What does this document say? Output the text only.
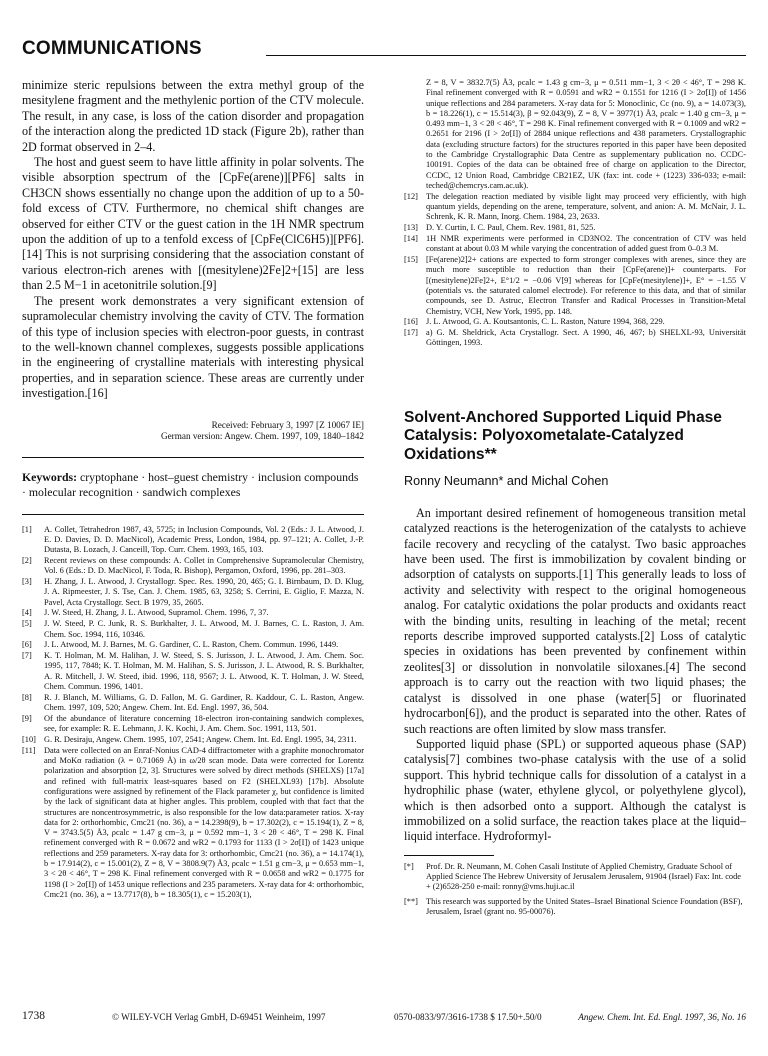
COMMUNICATIONS

minimize steric repulsions between the extra methyl group of the mesitylene fragment and the methylenic portion of the CTV molecule. The result, in any case, is loss of the cation disorder and propagation of the interaction along the predicted 1D stack (Figure 2b), rather than 2D format observed in 2–4.

The host and guest seem to have little affinity in polar solvents. The visible absorption spectrum of the [CpFe(arene)][PF6] salts in CH3CN shows essentially no change upon the addition of up to a 50-fold excess of CTV. Furthermore, no chemical shift changes are observed for either CTV or the guest cation in the 1H NMR spectrum upon the addition of up to a tenfold excess of [CpFe(ClC6H5)][PF6].[14] This is not surprising considering that the association constant of various electron-rich arenes with [(mesitylene)2Fe]2+[15] are less than 2.5 M−1 in acetonitrile solution.[9]

The present work demonstrates a very significant extension of supramolecular chemistry involving the cavity of CTV. The formation of this type of inclusion species with electron-poor guests, in contrast to the well-known channel complexes, suggests possible applications in the engineering of crystalline materials with interesting physical properties, and in separation science. These areas are currently under investigation.[16]

Received: February 3, 1997 [Z 10067 IE]
German version: Angew. Chem. 1997, 109, 1840–1842
Keywords: cryptophane · host–guest chemistry · inclusion compounds · molecular recognition · sandwich complexes
[1] A. Collet, Tetrahedron 1987, 43, 5725; in Inclusion Compounds, Vol. 2 (Eds.: J. L. Atwood, J. E. D. Davies, D. D. MacNicol), Academic Press, London, 1984, pp. 97–121; A. Collet, J.-P. Dutasta, B. Lozach, J. Canceill, Top. Curr. Chem. 1993, 165, 103.
[2] Recent reviews on these compounds: A. Collet in Comprehensive Supramolecular Chemistry, Vol. 6 (Eds.: D. D. MacNicol, F. Toda, R. Bishop), Pergamon, Oxford, 1996, pp. 281–303.
[3] H. Zhang, J. L. Atwood, J. Crystallogr. Spec. Res. 1990, 20, 465; G. I. Birnbaum, D. D. Klug, J. A. Ripmeester, J. S. Tse, Can. J. Chem. 1985, 63, 3258; S. Cerrini, E. Giglio, F. Mazza, N. Pavel, Acta Crystallogr. Sect. B 1979, 35, 2605.
[4] J. W. Steed, H. Zhang, J. L. Atwood, Supramol. Chem. 1996, 7, 37.
[5] J. W. Steed, P. C. Junk, R. S. Burkhalter, J. L. Atwood, M. J. Barnes, C. L. Raston, J. Am. Chem. Soc. 1994, 116, 10346.
[6] J. L. Atwood, M. J. Barnes, M. G. Gardiner, C. L. Raston, Chem. Commun. 1996, 1449.
[7] K. T. Holman, M. M. Halihan, J. W. Steed, S. S. Jurisson, J. L. Atwood, J. Am. Chem. Soc. 1995, 117, 7848; K. T. Holman, M. M. Halihan, S. S. Jurisson, J. L. Atwood, R. S. Burkhalter, A. R. Mitchell, J. W. Steed, ibid. 1996, 118, 9567; J. L. Atwood, K. T. Holman, J. W. Steed, Chem. Commun. 1996, 1401.
[8] R. J. Blanch, M. Williams, G. D. Fallon, M. G. Gardiner, R. Kaddour, C. L. Raston, Angew. Chem. 1997, 109, 520; Angew. Chem. Int. Ed. Engl. 1997, 36, 504.
[9] Of the abundance of literature concerning 18-electron iron-containing sandwich complexes, see, for example: R. E. Lehmann, J. K. Kochi, J. Am. Chem. Soc. 1991, 113, 501.
[10] G. R. Desiraju, Angew. Chem. 1995, 107, 2541; Angew. Chem. Int. Ed. Engl. 1995, 34, 2311.
[11] Data were collected on an Enraf-Nonius CAD-4 diffractometer with a graphite monochromator and MoKα radiation (λ = 0.71069 Å) in ω/2θ scan mode. Data were corrected for Lorentz polarization and absorption [2, 3]. Structures were solved by direct methods (SHELXS) [17a] and refined with full-matrix least-squares based on F2 (SHELXL93) [17b]. Absolute configurations were assigned by refinement of the Flack parameter χ, but confidence is limited by the lack of significant data at higher angles. This problem, coupled with that fact that the structures are noncentrosymmetric, is also responsible for the low data:parameter ratios. X-ray data for 2: orthorhombic, Cmc21 (no. 36), a = 14.2398(9), b = 17.302(2), c = 15.194(1), Z = 8, V = 3743.5(5) Å3, ρcalc = 1.47 g cm−3, μ = 0.592 mm−1, 3 < 2θ < 46°, T = 298 K. Final refinement converged with R = 0.0672 and wR2 = 0.1793 for 1133 (I > 2σ[I]) of 1423 unique reflections and 259 parameters. X-ray data for 3: orthorhombic, Cmc21 (no. 36), a = 14.174(1), b = 17.914(2), c = 15.001(2), Z = 8, V = 3808.9(7) Å3, ρcalc = 1.51 g cm−3, μ = 0.653 mm−1, 3 < 2θ < 46°, T = 298 K. Final refinement converged with R = 0.0658 and wR2 = 0.1775 for 1198 (I > 2σ[I]) of 1453 unique reflections and 235 parameters. X-ray data for 4: orthorhombic, Cmc21 (no. 36), a = 13.7717(8), b = 18.305(1), c = 15.203(1),
Z = 8, V = 3832.7(5) Å3, ρcalc = 1.43 g cm−3, μ = 0.511 mm−1, 3 < 2θ < 46°, T = 298 K. Final refinement converged with R = 0.0591 and wR2 = 0.1551 for 1216 (I > 2σ[I]) of 1456 unique reflections and 284 parameters. X-ray data for 5: Monoclinic, Cc (no. 9), a = 14.073(3), b = 18.226(1), c = 15.514(3), β = 92.043(9), Z = 8, V = 3977(1) Å3, ρcalc = 1.40 g cm−3, μ = 0.493 mm−1, 3 < 2θ < 46°, T = 298 K. Final refinement converged with R = 0.1009 and wR2 = 0.2651 for 2196 (I > 2σ[I]) of 2884 unique reflections and 438 parameters. Crystallographic data (excluding structure factors) for the structures reported in this paper have been deposited to the Cambridge Crystallographic Data Centre as supplementary publication no. CCDC-100191. Copies of the data can be obtained free of charge on application to the Director, CCDC, 12 Union Road, Cambridge CB21EZ, UK (fax: int. code + (1223) 336-033; e-mail: teched@chemcrys.cam.ac.uk).
[12] The delegation reaction mediated by visible light may proceed very efficiently, with high quantum yields, depending on the arene, temperature, solvent, and anion: A. M. McNair, J. L. Schrenk, K. R. Mann, Inorg. Chem. 1984, 23, 2633.
[13] D. Y. Curtin, I. C. Paul, Chem. Rev. 1981, 81, 525.
[14] 1H NMR experiments were performed in CD3NO2. The concentration of CTV was held constant at about 0.03 M while varying the concentration of added guest from 0–0.3 M.
[15] [Fe(arene)2]2+ cations are expected to form stronger complexes with arenes, since they are much more susceptible to reduction than their [CpFe(arene)]+ counterparts. For [(mesitylene)2Fe]2+, E°1/2 = −0.06 V[9] whereas for [CpFe(mesitylene)]+, E° = −1.55 V (potentials vs. the saturated calomel electrode). For reference to this data, and that of similar compounds, see D. Astruc, Electron Transfer and Radical Processes in Transition-Metal Chemistry, VCH, New York, 1995, pp. 148.
[16] J. L. Atwood, G. A. Koutsantonis, C. L. Raston, Nature 1994, 368, 229.
[17] a) G. M. Sheldrick, Acta Crystallogr. Sect. A 1990, 46, 467; b) SHELXL-93, Universität Göttingen, 1993.
Solvent-Anchored Supported Liquid Phase Catalysis: Polyoxometalate-Catalyzed Oxidations**
Ronny Neumann* and Michal Cohen

An important desired refinement of homogeneous transition metal catalyzed reactions is the heterogenization of the catalysts to achieve facile recovery and recycling of the catalyst. Two basic approaches have been used. The first is immobilization by covalent binding or adsorption of catalysts on supports.[1] This generally leads to loss of activity and selectivity with respect to the original homogeneous analog. For catalytic oxidations the polar products and oxidants react with the binding units, resulting in leaching of the metal; recent reports describe improved supported catalysts.[2] Loss of catalytic species in oxidations has been prevented by confinement within zeolites[3] or dissolution in nonvolatile siloxanes.[4] The second approach is to carry out the reaction with two liquid phases; the catalyst is dissolved in one phase (water[5] or fluorinated hydrocarbon[6]), and the product is separated into the other. Rates of such reactions are often limited by slow mass transfer.

Supported liquid phase (SPL) or supported aqueous phase (SAP) catalysis[7] combines two-phase catalysis with the use of a solid support. This hybrid technique calls for dissolution of a catalyst in a hydrophilic phase (water, ethylene glycol, or polyethylene glycol), which is then adsorbed onto a support. Although the catalyst is immobilized on a solid surface, the reaction takes place at the liquid–liquid interface. Hydroformyl-

[*] Prof. Dr. R. Neumann, M. Cohen Casali Institute of Applied Chemistry, Graduate School of Applied Science The Hebrew University of Jerusalem Jerusalem, 91904 (Israel) Fax: Int. code + (2)6528-250 e-mail: ronny@vms.huji.ac.il
[**] This research was supported by the United States–Israel Binational Science Foundation (BSF), Jerusalem, Israel (grant no. 95-00076).
1738	© WILEY-VCH Verlag GmbH, D-69451 Weinheim, 1997	0570-0833/97/3616-1738 $ 17.50+.50/0	Angew. Chem. Int. Ed. Engl. 1997, 36, No. 16
